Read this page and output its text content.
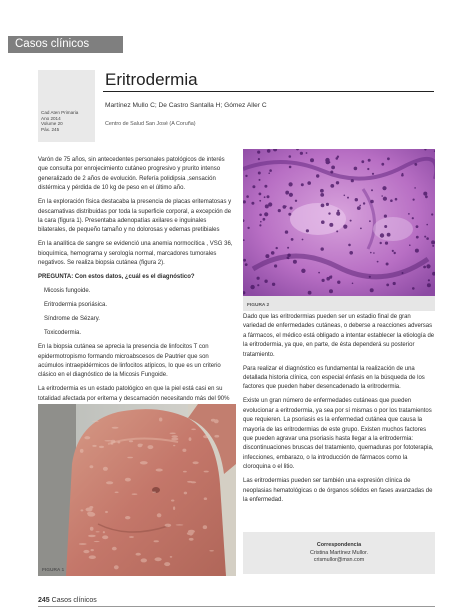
Casos clínicos
Cad Aten Primaria
Ano 2014
Volume 20
Páx. 245
Eritrodermia
Martínez Mullo C; De Castro Santalla H; Gómez Aller C
Centro de Salud San José (A Coruña)

Varón de 75 años, sin antecedentes personales patológicos de interés que consulta por enrojecimiento cutáneo progresivo y prurito intenso generalizado de 2 años de evolución. Refería polidipsia ,sensación distérmica y pérdida de 10 kg de peso en el último año.

En la exploración física destacaba la presencia de placas eritematosas y descamativas distribuidas por toda la superficie corporal, a excepción de la cara (figura 1). Presentaba adenopatías axilares e inguinales bilaterales, de pequeño tamaño y no dolorosas y edemas pretibiales

En la analítica de sangre se evidenció una anemia normocítica , VSG 36, bioquímica, hemograma y serología normal, marcadores tumorales negativos. Se realiza biopsia cutánea (figura 2).

PREGUNTA: Con estos datos, ¿cuál es el diagnóstico?

Micosis fungoide.

Eritrodermia psoriásica.

Síndrome de Sézary.

Toxicodermia.

En la biopsia cutánea se aprecia la presencia de linfocitos T con epidermotropismo formando microabscesos de Pautrier que son acúmulos intraepidérmicos de linfocitos atípicos, lo que es un criterio clásico en el diagnóstico de la Micosis Fungoide.

La eritrodermia es un estado patológico en que la piel está casi en su totalidad afectada por eritema y descamación necesitando más del 90%

FIGURA 2
FIGURA 1

Dado que las eritrodermias pueden ser un estadio final de gran variedad de enfermedades cutáneas, o deberse a reacciones adversas a fármacos, el médico está obligado a intentar establecer la etiología de la eritrodermia, ya que, en parte, de ésta dependerá su posterior tratamiento.

Para realizar el diagnóstico es fundamental la realización de una detallada historia clínica, con especial énfasis en la búsqueda de los factores que pueden haber desencadenado la eritrodermia.

Existe un gran número de enfermedades cutáneas que pueden evolucionar a eritrodermia, ya sea por sí mismas o por los tratamientos que requieren. La psoriasis es la enfermedad cutánea que causa la mayoría de las eritrodermias de este grupo. Existen muchos factores que pueden agravar una psoriasis hasta llegar a la eritrodermia: discontinuaciones bruscas del tratamiento, quemaduras por fototerapia, infecciones, embarazo, o la introducción de fármacos como la cloroquina o el litio.

Las eritrodermias pueden ser también una expresión clínica de neoplasias hematológicas o de órganos sólidos en fases avanzadas de la enfermedad.

Correspondencia
Cristina Martínez Mullor.
crismullor@msn.com
245 Casos clínicos
